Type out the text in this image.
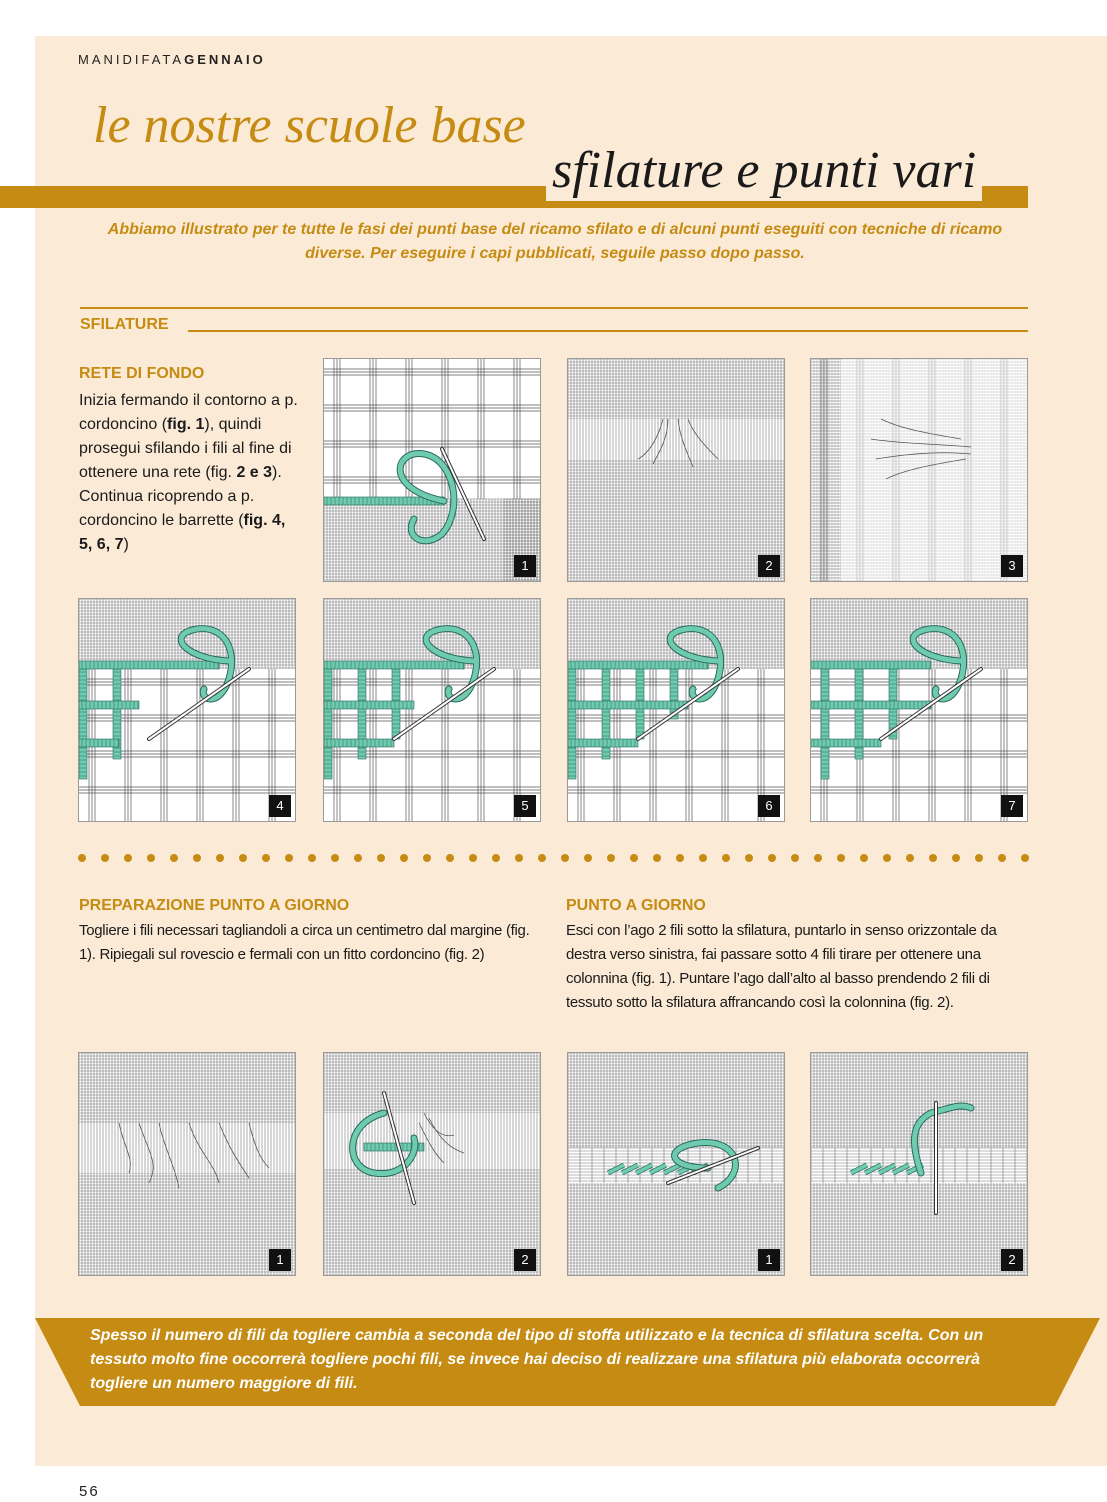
MANIDIFATAGENNAIO
le nostre scuole base
sfilature e punti vari
Abbiamo illustrato per te tutte le fasi dei punti base del ricamo sfilato e di alcuni punti eseguiti con tecniche di ricamo diverse. Per eseguire i capi pubblicati, seguile passo dopo passo.
SFILATURE
RETE DI FONDO
Inizia fermando il contorno a p. cordoncino (fig. 1), quindi prosegui sfilando i fili al fine di ottenere una rete (fig. 2 e 3). Continua ricoprendo a p. cordoncino le barrette (fig. 4, 5, 6, 7)
1	2	3
4	5	6	7
PREPARAZIONE PUNTO A GIORNO
Togliere i fili necessari tagliandoli a circa un centimetro dal margine (fig. 1). Ripiegali sul rovescio e fermali con un fitto cordoncino (fig. 2)
PUNTO A GIORNO
Esci con l’ago 2 fili sotto la sfilatura, puntarlo in senso orizzontale da destra verso sinistra, fai passare sotto 4 fili tirare per ottenere una colonnina (fig. 1). Puntare l’ago dall’alto al basso prendendo 2 fili di tessuto sotto la sfilatura affrancando così la colonnina (fig. 2).
1	2	1	2
Spesso il numero di fili da togliere cambia a seconda del tipo di stoffa utilizzato e la tecnica di sfilatura scelta. Con un tessuto molto fine occorrerà togliere pochi fili, se invece hai deciso di realizzare una sfilatura più elaborata occorrerà togliere un numero maggiore di fili.
56
